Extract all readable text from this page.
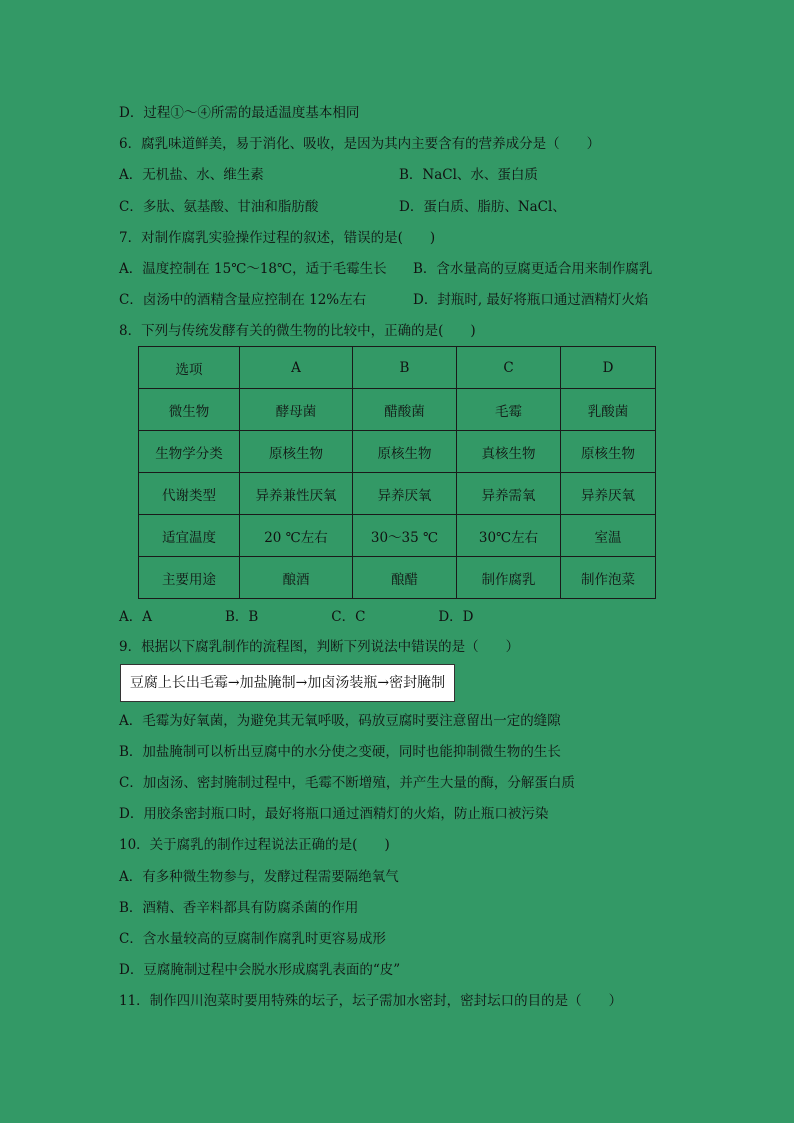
D．过程①～④所需的最适温度基本相同
6．腐乳味道鲜美，易于消化、吸收，是因为其内主要含有的营养成分是（　　）
A．无机盐、水、维生素	B．NaCl、水、蛋白质
C．多肽、氨基酸、甘油和脂肪酸	D．蛋白质、脂肪、NaCl、
7．对制作腐乳实验操作过程的叙述，错误的是(　　)
A．温度控制在 15℃～18℃，适于毛霉生长 B．含水量高的豆腐更适合用来制作腐乳
C．卤汤中的酒精含量应控制在 12%左右	D．封瓶时, 最好将瓶口通过酒精灯火焰
8．下列与传统发酵有关的微生物的比较中，正确的是(　　)
选项	A	B	C	D
微生物	酵母菌	醋酸菌	毛霉	乳酸菌
生物学分类	原核生物	原核生物	真核生物	原核生物
代谢类型	异养兼性厌氧	异养厌氧	异养需氧	异养厌氧
适宜温度	20 ℃左右	30～35 ℃	30℃左右	室温
主要用途	酿酒	酿醋	制作腐乳	制作泡菜
A．A                 B．B                 C．C                 D．D
9．根据以下腐乳制作的流程图，判断下列说法中错误的是（　　）
豆腐上长出毛霉→加盐腌制→加卤汤装瓶→密封腌制
A．毛霉为好氧菌，为避免其无氧呼吸，码放豆腐时要注意留出一定的缝隙
B．加盐腌制可以析出豆腐中的水分使之变硬，同时也能抑制微生物的生长
C．加卤汤、密封腌制过程中，毛霉不断增殖，并产生大量的酶，分解蛋白质
D．用胶条密封瓶口时，最好将瓶口通过酒精灯的火焰，防止瓶口被污染
10．关于腐乳的制作过程说法正确的是(　　)
A．有多种微生物参与，发酵过程需要隔绝氧气
B．酒精、香辛料都具有防腐杀菌的作用
C．含水量较高的豆腐制作腐乳时更容易成形
D．豆腐腌制过程中会脱水形成腐乳表面的“皮”
11．制作四川泡菜时要用特殊的坛子，坛子需加水密封，密封坛口的目的是（　　）
